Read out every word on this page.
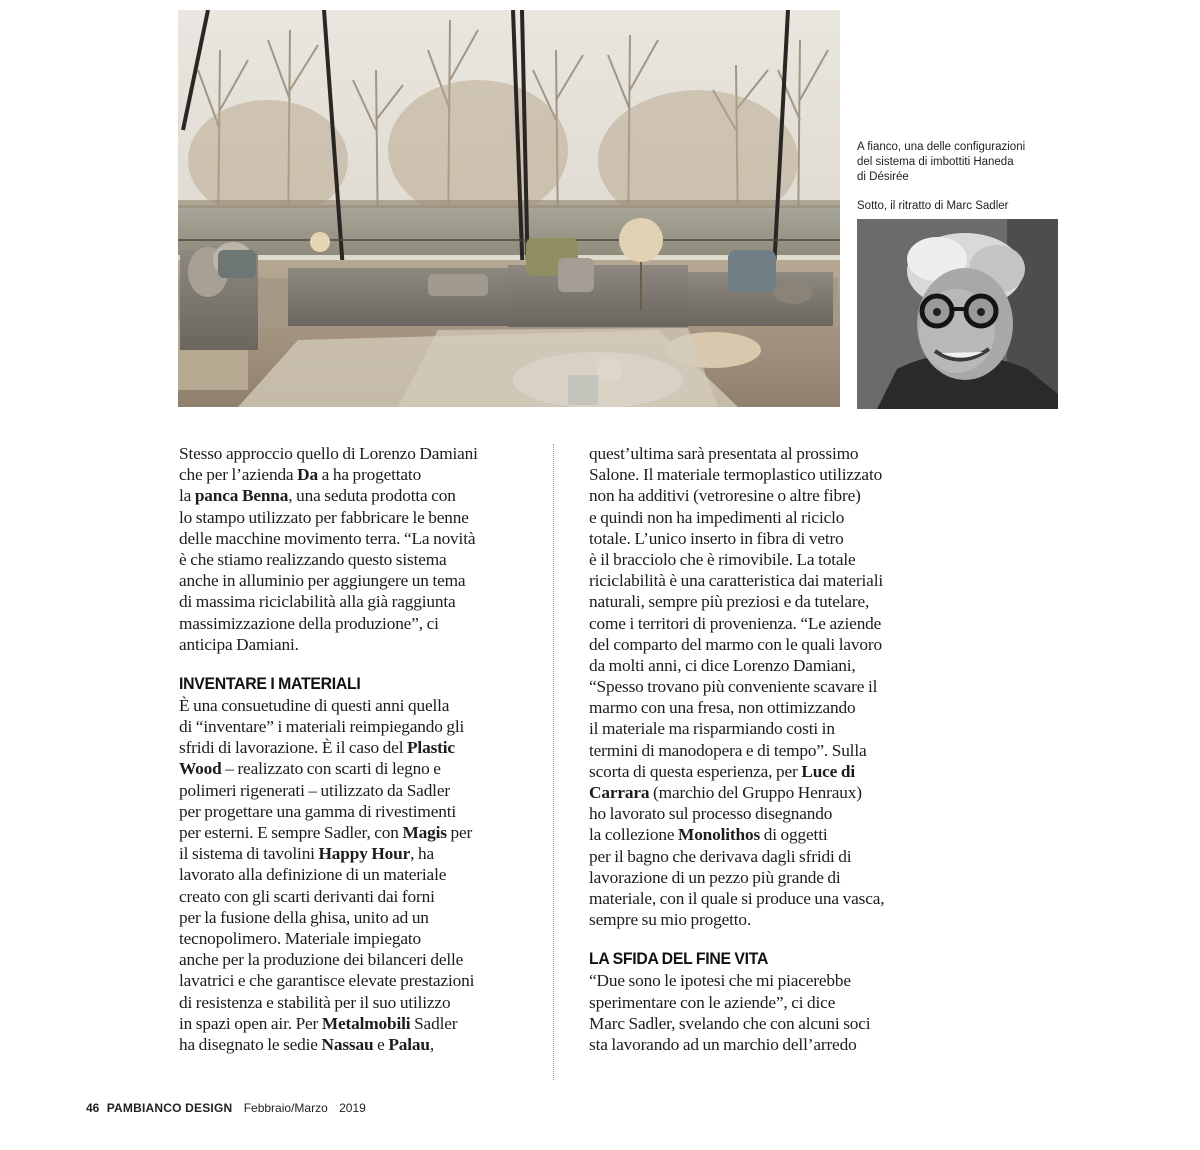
A fianco, una delle configurazioni
del sistema di imbottiti Haneda
di Désirée
Sotto, il ritratto di Marc Sadler
Stesso approccio quello di Lorenzo Damiani
che per l’azienda Da a ha progettato
la panca Benna, una seduta prodotta con
lo stampo utilizzato per fabbricare le benne
delle macchine movimento terra. “La novità
è che stiamo realizzando questo sistema
anche in alluminio per aggiungere un tema
di massima riciclabilità alla già raggiunta
massimizzazione della produzione”, ci
anticipa Damiani.
INVENTARE I MATERIALI
È una consuetudine di questi anni quella
di “inventare” i materiali reimpiegando gli
sfridi di lavorazione. È il caso del Plastic
Wood – realizzato con scarti di legno e
polimeri rigenerati – utilizzato da Sadler
per progettare una gamma di rivestimenti
per esterni. E sempre Sadler, con Magis per
il sistema di tavolini Happy Hour, ha
lavorato alla definizione di un materiale
creato con gli scarti derivanti dai forni
per la fusione della ghisa, unito ad un
tecnopolimero. Materiale impiegato
anche per la produzione dei bilanceri delle
lavatrici e che garantisce elevate prestazioni
di resistenza e stabilità per il suo utilizzo
in spazi open air. Per Metalmobili Sadler
ha disegnato le sedie Nassau e Palau,
quest’ultima sarà presentata al prossimo
Salone. Il materiale termoplastico utilizzato
non ha additivi (vetroresine o altre fibre)
e quindi non ha impedimenti al riciclo
totale. L’unico inserto in fibra di vetro
è il bracciolo che è rimovibile. La totale
riciclabilità è una caratteristica dai materiali
naturali, sempre più preziosi e da tutelare,
come i territori di provenienza. “Le aziende
del comparto del marmo con le quali lavoro
da molti anni, ci dice Lorenzo Damiani,
“Spesso trovano più conveniente scavare il
marmo con una fresa, non ottimizzando
il materiale ma risparmiando costi in
termini di manodopera e di tempo”. Sulla
scorta di questa esperienza, per Luce di
Carrara (marchio del Gruppo Henraux)
ho lavorato sul processo disegnando
la collezione Monolithos di oggetti
per il bagno che derivava dagli sfridi di
lavorazione di un pezzo più grande di
materiale, con il quale si produce una vasca,
sempre su mio progetto.
LA SFIDA DEL FINE VITA
“Due sono le ipotesi che mi piacerebbe
sperimentare con le aziende”, ci dice
Marc Sadler, svelando che con alcuni soci
sta lavorando ad un marchio dell’arredo
46 PAMBIANCO DESIGN Febbraio/Marzo 2019
